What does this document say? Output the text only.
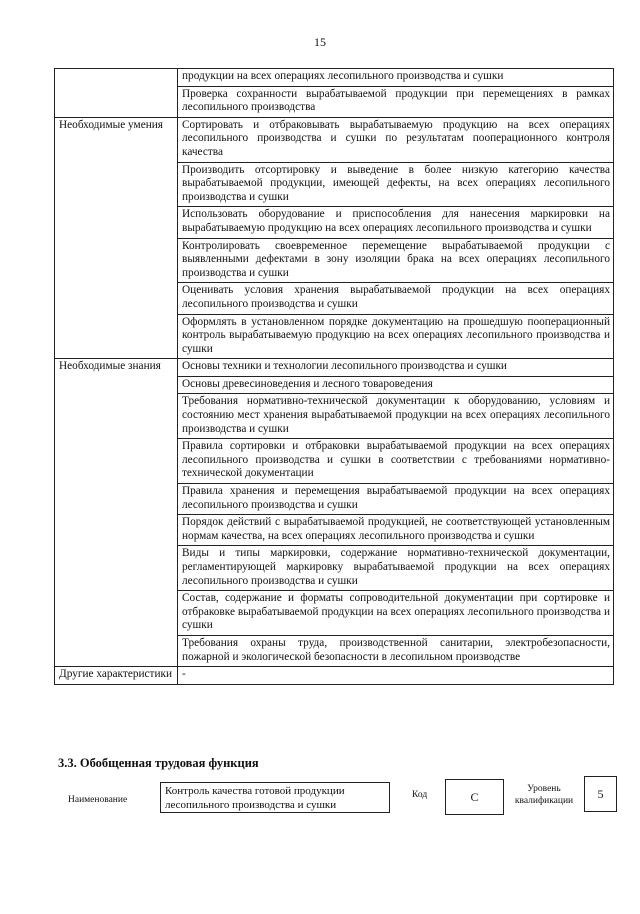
15
	продукции на всех операциях лесопильного производства и сушки
	Проверка сохранности вырабатываемой продукции при перемещениях в рамках лесопильного производства
Необходимые умения	Сортировать и отбраковывать вырабатываемую продукцию на всех операциях лесопильного производства и сушки по результатам пооперационного контроля качества
	Производить отсортировку и выведение в более низкую категорию качества вырабатываемой продукции, имеющей дефекты, на всех операциях лесопильного производства и сушки
	Использовать оборудование и приспособления для нанесения маркировки на вырабатываемую продукцию на всех операциях лесопильного производства и сушки
	Контролировать своевременное перемещение вырабатываемой продукции с выявленными дефектами в зону изоляции брака на всех операциях лесопильного производства и сушки
	Оценивать условия хранения вырабатываемой продукции на всех операциях лесопильного производства и сушки
	Оформлять в установленном порядке документацию на прошедшую пооперационный контроль вырабатываемую продукцию на всех операциях лесопильного производства и сушки
Необходимые знания	Основы техники и технологии лесопильного производства и сушки
	Основы древесиноведения и лесного товароведения
	Требования нормативно-технической документации к оборудованию, условиям и состоянию мест хранения вырабатываемой продукции на всех операциях лесопильного производства и сушки
	Правила сортировки и отбраковки вырабатываемой продукции на всех операциях лесопильного производства и сушки в соответствии с требованиями нормативно-технической документации
	Правила хранения и перемещения вырабатываемой продукции на всех операциях лесопильного производства и сушки
	Порядок действий с вырабатываемой продукцией, не соответствующей установленным нормам качества, на всех операциях лесопильного производства и сушки
	Виды и типы маркировки, содержание нормативно-технической документации, регламентирующей маркировку вырабатываемой продукции на всех операциях лесопильного производства и сушки
	Состав, содержание и форматы сопроводительной документации при сортировке и отбраковке вырабатываемой продукции на всех операциях лесопильного производства и сушки
	Требования охраны труда, производственной санитарии, электробезопасности, пожарной и экологической безопасности в лесопильном производстве
Другие характеристики	-
3.3. Обобщенная трудовая функция
Наименование
Контроль качества готовой продукции лесопильного производства и сушки
Код	C
Уровень квалификации	5
